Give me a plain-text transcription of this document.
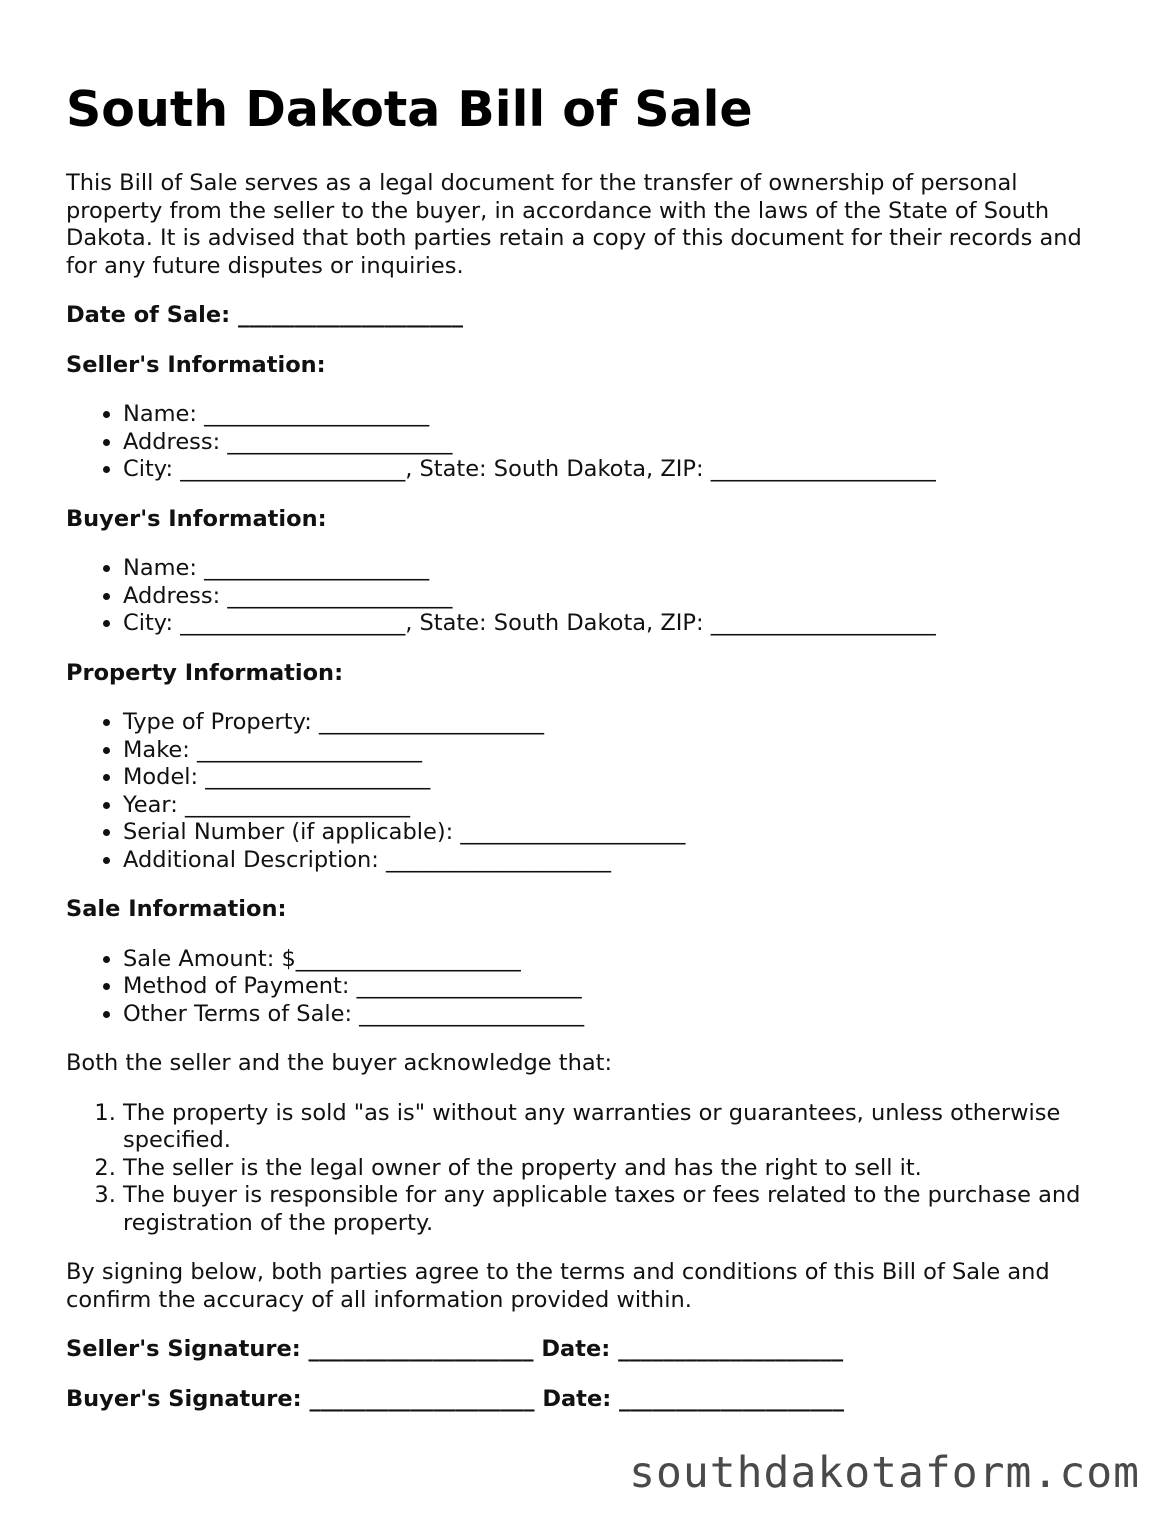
South Dakota Bill of Sale

This Bill of Sale serves as a legal document for the transfer of ownership of personal property from the seller to the buyer, in accordance with the laws of the State of South Dakota. It is advised that both parties retain a copy of this document for their records and for any future disputes or inquiries.

Date of Sale: ____________________

Seller's Information:

• Name: ____________________
• Address: ____________________
• City: ____________________, State: South Dakota, ZIP: ____________________

Buyer's Information:

• Name: ____________________
• Address: ____________________
• City: ____________________, State: South Dakota, ZIP: ____________________

Property Information:

• Type of Property: ____________________
• Make: ____________________
• Model: ____________________
• Year: ____________________
• Serial Number (if applicable): ____________________
• Additional Description: ____________________

Sale Information:

• Sale Amount: $____________________
• Method of Payment: ____________________
• Other Terms of Sale: ____________________

Both the seller and the buyer acknowledge that:

1. The property is sold "as is" without any warranties or guarantees, unless otherwise specified.
2. The seller is the legal owner of the property and has the right to sell it.
3. The buyer is responsible for any applicable taxes or fees related to the purchase and registration of the property.

By signing below, both parties agree to the terms and conditions of this Bill of Sale and confirm the accuracy of all information provided within.

Seller's Signature: ____________________ Date: ____________________

Buyer's Signature: ____________________ Date: ____________________

southdakotaform.com
